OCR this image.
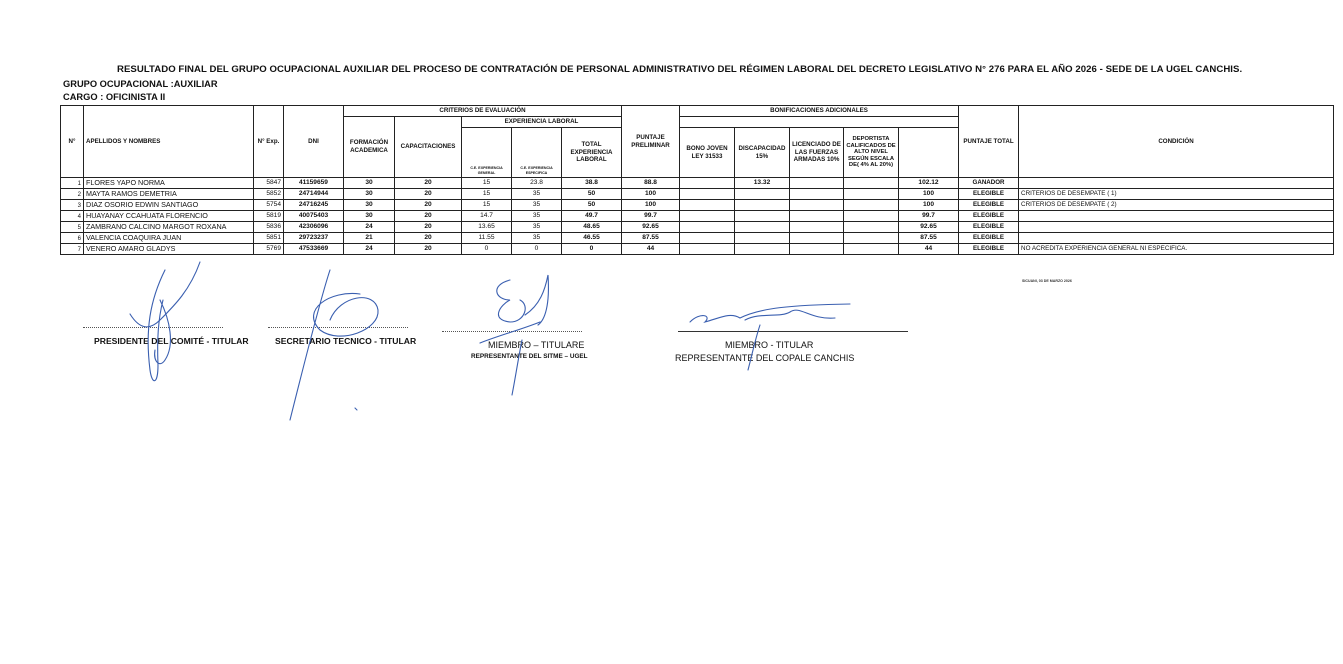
RESULTADO FINAL DEL GRUPO OCUPACIONAL AUXILIAR DEL PROCESO DE CONTRATACIÓN DE PERSONAL ADMINISTRATIVO DEL RÉGIMEN LABORAL DEL DECRETO LEGISLATIVO N° 276 PARA EL AÑO 2026 - SEDE DE LA UGEL CANCHIS.
GRUPO OCUPACIONAL :AUXILIAR
CARGO : OFICINISTA II
N°	APELLIDOS Y NOMBRES	N° Exp.	DNI	CRITERIOS DE EVALUACIÓN					PUNTAJE PRELIMINAR	BONIFICACIONES ADICIONALES					PUNTAJE TOTAL	CONDICIÓN	
				FORMACIÓN ACADEMICA	CAPACITACIONES	EXPERIENCIA LABORAL											
						C.E. EXPERIENCIA GENERAL	C.E. EXPERIENCIA ESPECIFICA	TOTAL EXPERIENCIA LABORAL		BONO JOVEN LEY 31533	DISCAPACIDAD 15%	LICENCIADO DE LAS FUERZAS ARMADAS 10%	DEPORTISTA CALIFICADOS DE ALTO NIVEL SEGÚN ESCALA DE( 4% AL 20%)				
1	FLORES YAPO NORMA	5847	41159659	30	20	15	23.8	38.8	88.8		13.32			102.12	GANADOR		
2	MAYTA RAMOS DEMETRIA	5852	24714944	30	20	15	35	50	100					100	ELEGIBLE	CRITERIOS DE DESEMPATE ( 1)	
3	DIAZ OSORIO EDWIN SANTIAGO	5754	24716245	30	20	15	35	50	100					100	ELEGIBLE	CRITERIOS DE DESEMPATE ( 2)	
4	HUAYANAY CCAHUATA FLORENCIO	5819	40075403	30	20	14.7	35	49.7	99.7					99.7	ELEGIBLE		
5	ZAMBRANO CALCINO MARGOT ROXANA	5836	42306096	24	20	13.65	35	48.65	92.65					92.65	ELEGIBLE		
6	VALENCIA COAQUIRA JUAN	5851	29723237	21	20	11.55	35	46.55	87.55					87.55	ELEGIBLE		
7	VENERO AMARO GLADYS	5769	47533669	24	20	0	0	0	44					44	ELEGIBLE	NO ACREDITA EXPERIENCIA GENERAL NI ESPECIFICA.	
SICUANI, 03 DE MARZO 2026
PRESIDENTE DEL COMITÉ - TITULAR	SECRETARIO TECNICO - TITULAR	MIEMBRO – TITULARE
REPRESENTANTE DEL SITME – UGEL
MIEMBRO - TITULAR
REPRESENTANTE DEL COPALE CANCHIS
